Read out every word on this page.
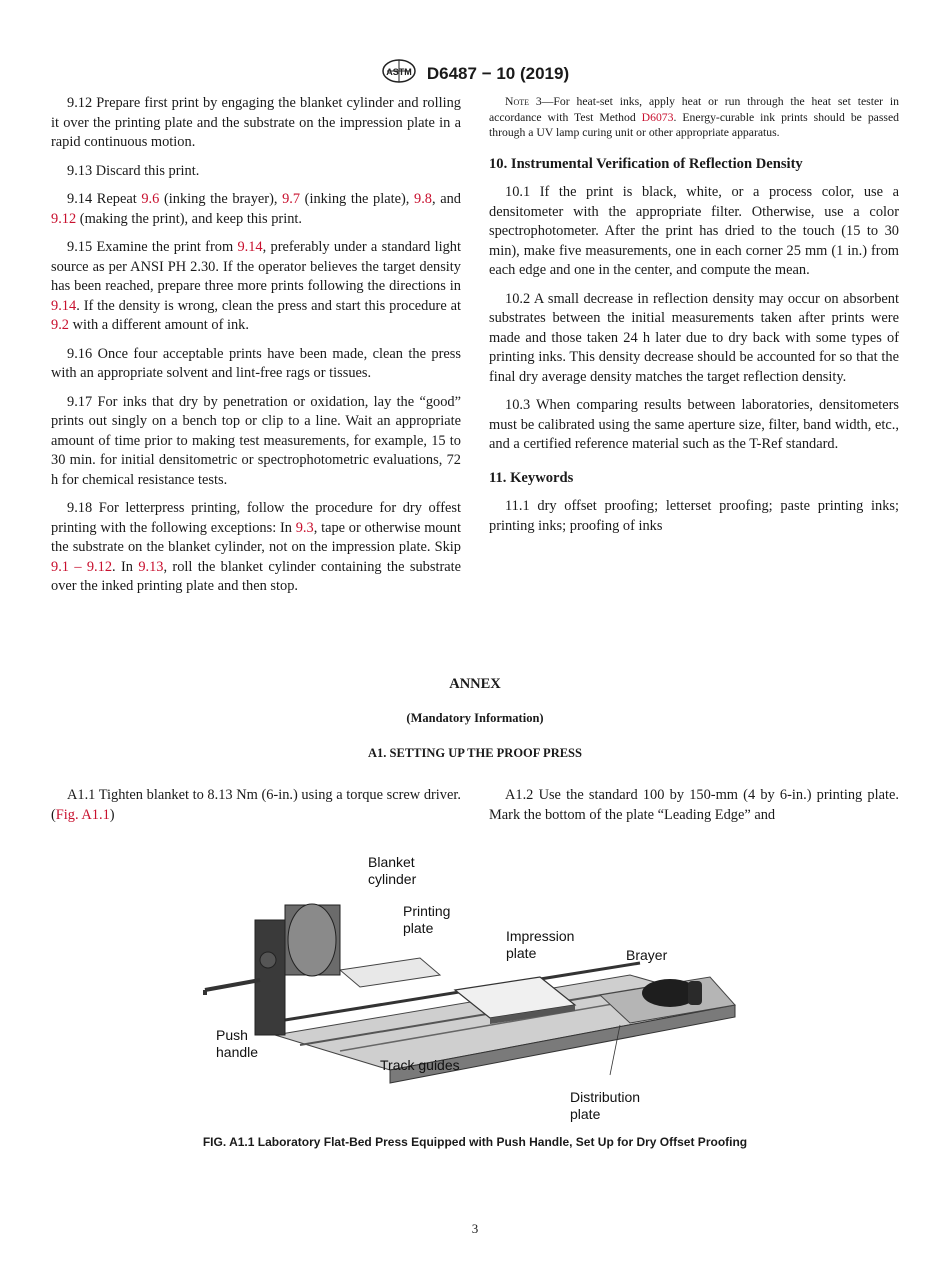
ASTM D6487 − 10 (2019)

9.12 Prepare first print by engaging the blanket cylinder and rolling it over the printing plate and the substrate on the impression plate in a rapid continuous motion.

9.13 Discard this print.

9.14 Repeat 9.6 (inking the brayer), 9.7 (inking the plate), 9.8, and 9.12 (making the print), and keep this print.

9.15 Examine the print from 9.14, preferably under a standard light source as per ANSI PH 2.30. If the operator believes the target density has been reached, prepare three more prints following the directions in 9.14. If the density is wrong, clean the press and start this procedure at 9.2 with a different amount of ink.

9.16 Once four acceptable prints have been made, clean the press with an appropriate solvent and lint-free rags or tissues.

9.17 For inks that dry by penetration or oxidation, lay the “good” prints out singly on a bench top or clip to a line. Wait an appropriate amount of time prior to making test measurements, for example, 15 to 30 min. for initial densitometric or spectrophotometric evaluations, 72 h for chemical resistance tests.

9.18 For letterpress printing, follow the procedure for dry offest printing with the following exceptions: In 9.3, tape or otherwise mount the substrate on the blanket cylinder, not on the impression plate. Skip 9.1 – 9.12. In 9.13, roll the blanket cylinder containing the substrate over the inked printing plate and then stop.

Note 3—For heat-set inks, apply heat or run through the heat set tester in accordance with Test Method D6073. Energy-curable ink prints should be passed through a UV lamp curing unit or other appropriate apparatus.

10. Instrumental Verification of Reflection Density

10.1 If the print is black, white, or a process color, use a densitometer with the appropriate filter. Otherwise, use a color spectrophotometer. After the print has dried to the touch (15 to 30 min), make five measurements, one in each corner 25 mm (1 in.) from each edge and one in the center, and compute the mean.

10.2 A small decrease in reflection density may occur on absorbent substrates between the initial measurements taken after prints were made and those taken 24 h later due to dry back with some types of printing inks. This density decrease should be accounted for so that the final dry average density matches the target reflection density.

10.3 When comparing results between laboratories, densitometers must be calibrated using the same aperture size, filter, band width, etc., and a certified reference material such as the T-Ref standard.

11. Keywords

11.1 dry offset proofing; letterset proofing; paste printing inks; printing inks; proofing of inks

ANNEX
(Mandatory Information)
A1. SETTING UP THE PROOF PRESS

A1.1 Tighten blanket to 8.13 Nm (6-in.) using a torque screw driver. (Fig. A1.1)

A1.2 Use the standard 100 by 150-mm (4 by 6-in.) printing plate. Mark the bottom of the plate “Leading Edge” and

Blanket
cylinder
Printing
plate	Impression
plate	Brayer
Push
handle
Track guides
Distribution
plate
FIG. A1.1 Laboratory Flat-Bed Press Equipped with Push Handle, Set Up for Dry Offset Proofing
3
